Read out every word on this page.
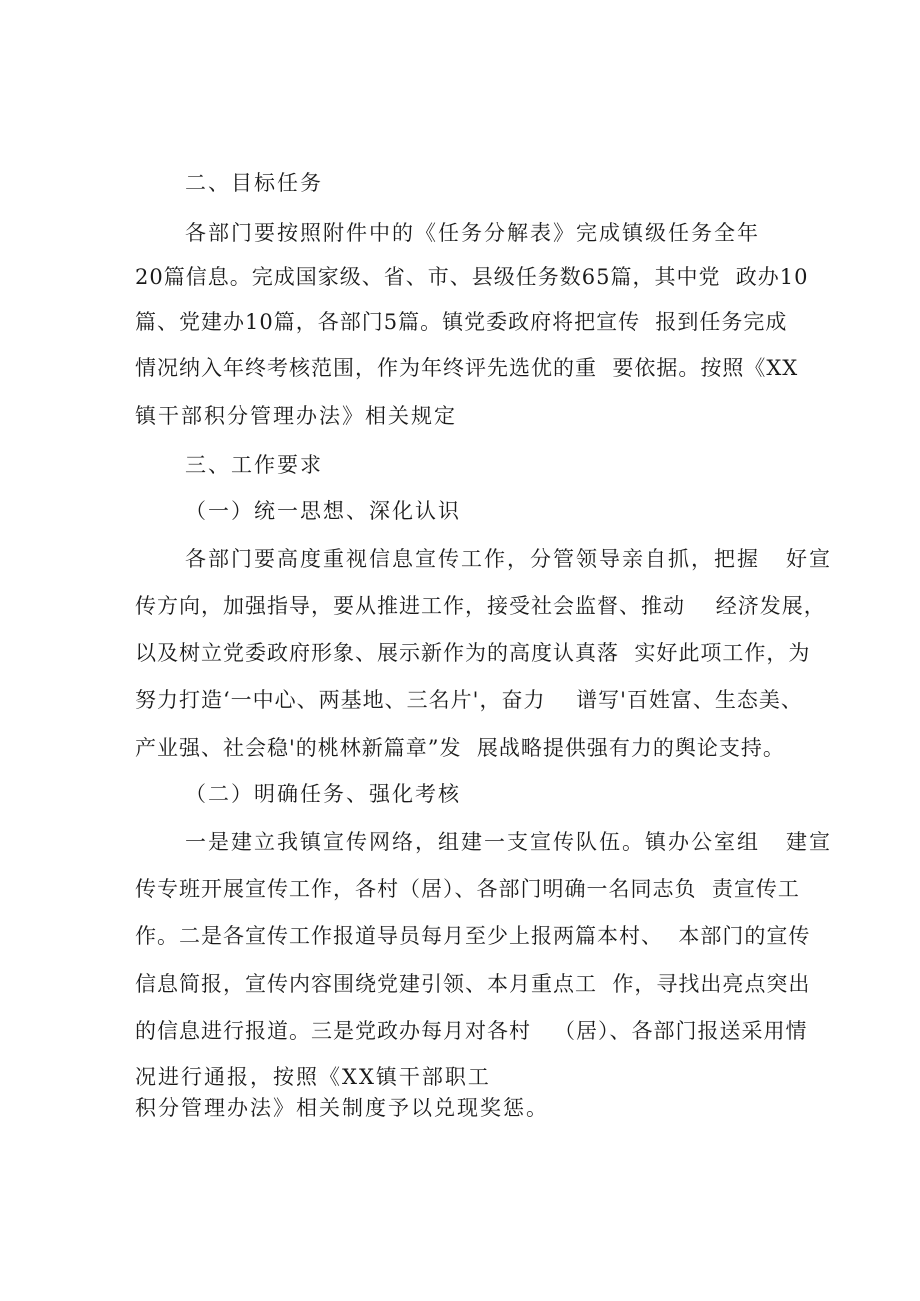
二、目标任务
各部门要按照附件中的《任务分解表》完成镇级任务全年
20篇信息。完成国家级、省、市、县级任务数65篇，其中党  政办10
篇、党建办10篇，各部门5篇。镇党委政府将把宣传  报到任务完成
情况纳入年终考核范围，作为年终评先选优的重  要依据。按照《XX
镇干部积分管理办法》相关规定
三、工作要求
（一）统一思想、深化认识
各部门要高度重视信息宣传工作，分管领导亲自抓，把握   好宣
传方向，加强指导，要从推进工作，接受社会监督、推动    经济发展，
以及树立党委政府形象、展示新作为的高度认真落  实好此项工作，为
努力打造‘一中心、两基地、三名片'，奋力    谱写'百姓富、生态美、
产业强、社会稳'的桃林新篇章”发  展战略提供强有力的舆论支持。
（二）明确任务、强化考核
一是建立我镇宣传网络，组建一支宣传队伍。镇办公室组   建宣
传专班开展宣传工作，各村（居）、各部门明确一名同志负  责宣传工
作。二是各宣传工作报道导员每月至少上报两篇本村、  本部门的宣传
信息简报，宣传内容围绕党建引领、本月重点工  作，寻找出亮点突出
的信息进行报道。三是党政办每月对各村   （居）、各部门报送采用情
况进行通报，按照《XX镇干部职工
积分管理办法》相关制度予以兑现奖惩。
